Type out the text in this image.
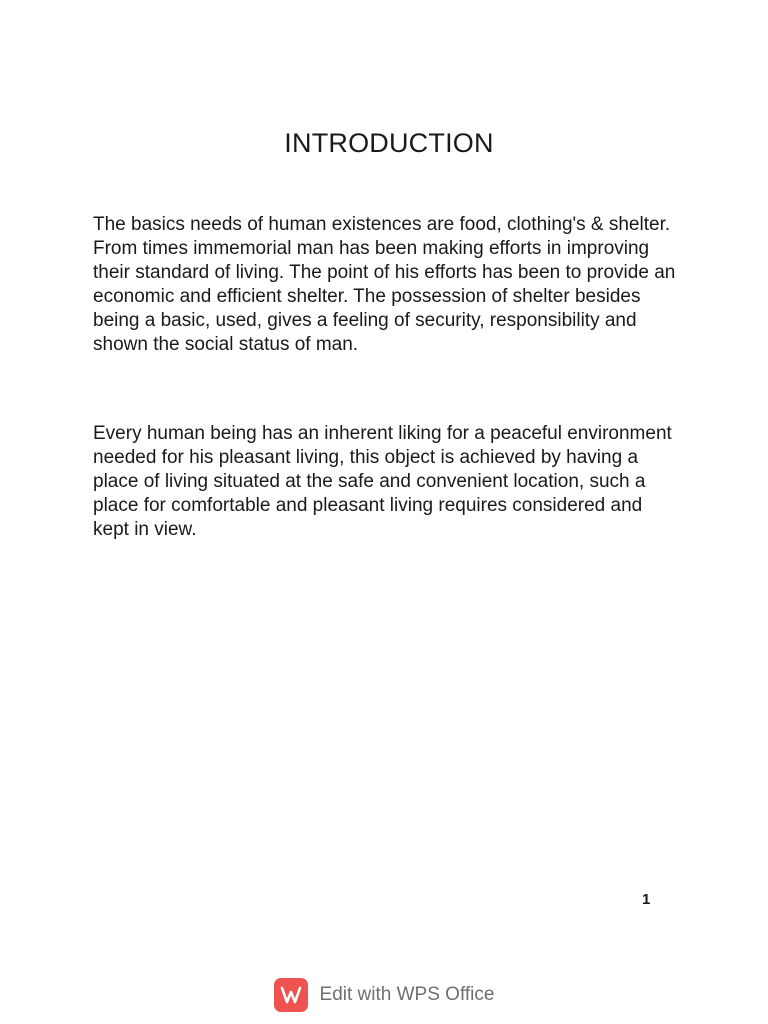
INTRODUCTION

The basics needs of human existences are food, clothing's & shelter. From times immemorial man has been making efforts in improving their standard of living. The point of his efforts has been to provide an economic and efficient shelter. The possession of shelter besides being a basic, used, gives a feeling of security, responsibility and shown the social status of man.

Every human being has an inherent liking for a peaceful environment needed for his pleasant living, this object is achieved by having a place of living situated at the safe and convenient location, such a place for comfortable and pleasant living requires considered and kept in view.

1
Edit with WPS Office
